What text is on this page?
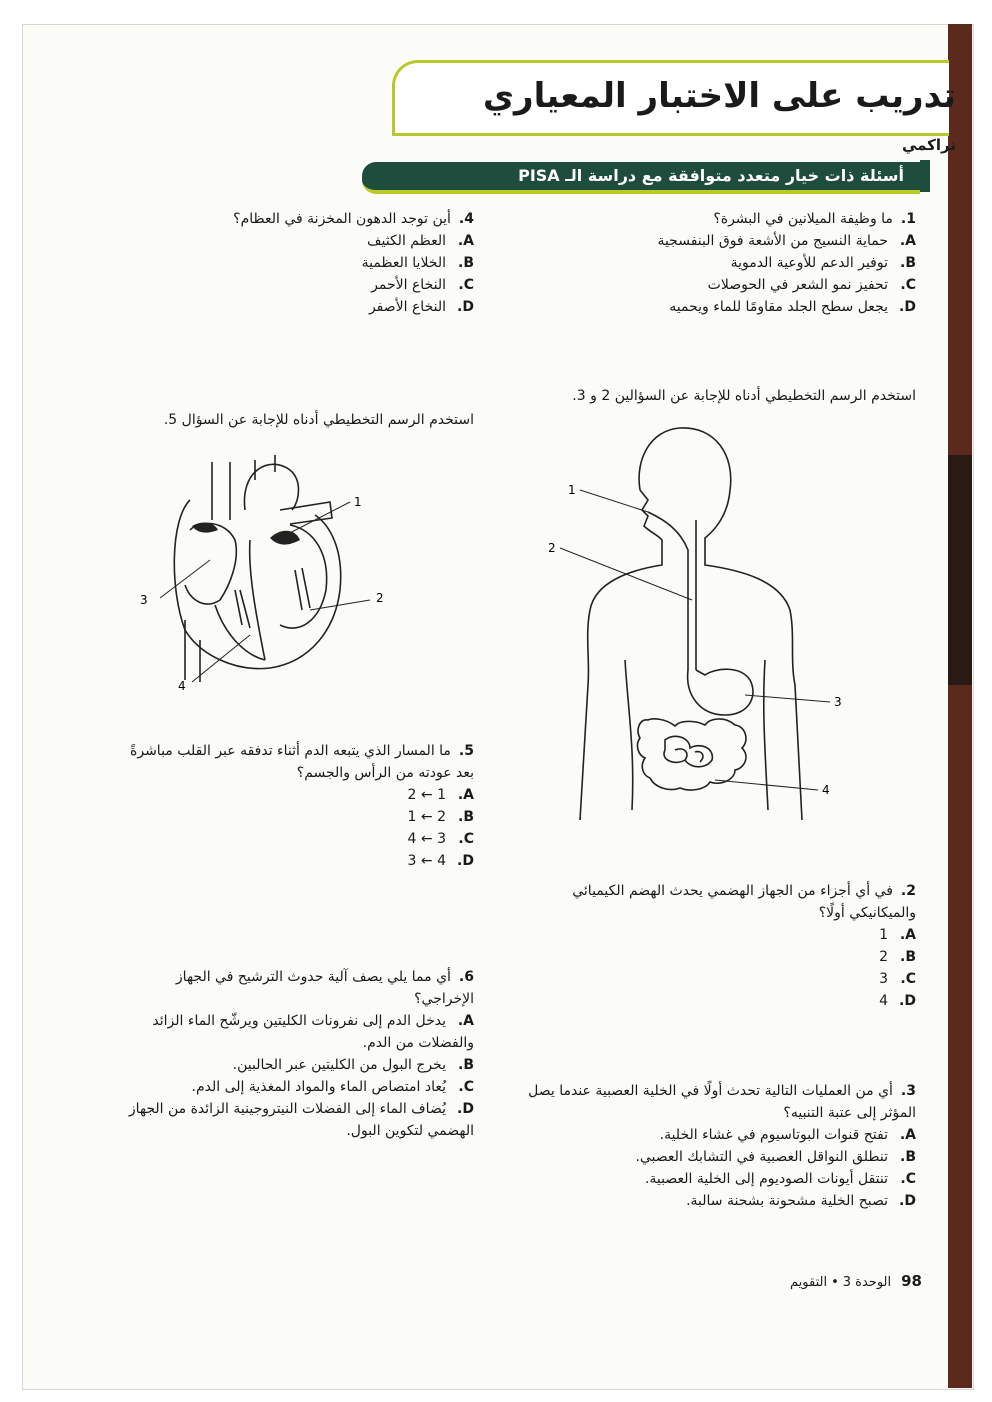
تدريب على الاختبار المعياري
تراكمي
أسئلة ذات خيار متعدد متوافقة مع دراسة الـ PISA
1.ما وظيفة الميلانين في البشرة؟
A.حماية النسيج من الأشعة فوق البنفسجية
B.توفير الدعم للأوعية الدموية
C.تحفيز نمو الشعر في الحوصلات
D.يجعل سطح الجلد مقاومًا للماء ويحميه
4.أين توجد الدهون المخزنة في العظام؟
A.العظم الكثيف
B.الخلايا العظمية
C.النخاع الأحمر
D.النخاع الأصفر
استخدم الرسم التخطيطي أدناه للإجابة عن السؤالين 2 و 3.
استخدم الرسم التخطيطي أدناه للإجابة عن السؤال 5.
1
2
3
4
1
2
3
4
5.ما المسار الذي يتبعه الدم أثناء تدفقه عبر القلب مباشرةً بعد عودته من الرأس والجسم؟
A.1 ← 2
B.2 ← 1
C.3 ← 4
D.4 ← 3
2.في أي أجزاء من الجهاز الهضمي يحدث الهضم الكيميائي والميكانيكي أولًا؟
A.1
B.2
C.3
D.4
6.أي مما يلي يصف آلية حدوث الترشيح في الجهاز الإخراجي؟
A.يدخل الدم إلى نفرونات الكليتين ويرشّح الماء الزائد والفضلات من الدم.
B.يخرج البول من الكليتين عبر الحالبين.
C.يُعاد امتصاص الماء والمواد المغذية إلى الدم.
D.يُضاف الماء إلى الفضلات النيتروجينية الزائدة من الجهاز الهضمي لتكوين البول.
3.أي من العمليات التالية تحدث أولًا في الخلية العصبية عندما يصل المؤثر إلى عتبة التنبيه؟
A.تفتح قنوات البوتاسيوم في غشاء الخلية.
B.تنطلق النواقل العصبية في التشابك العصبي.
C.تنتقل أيونات الصوديوم إلى الخلية العصبية.
D.تصبح الخلية مشحونة بشحنة سالبة.
98الوحدة 3•التقويم
